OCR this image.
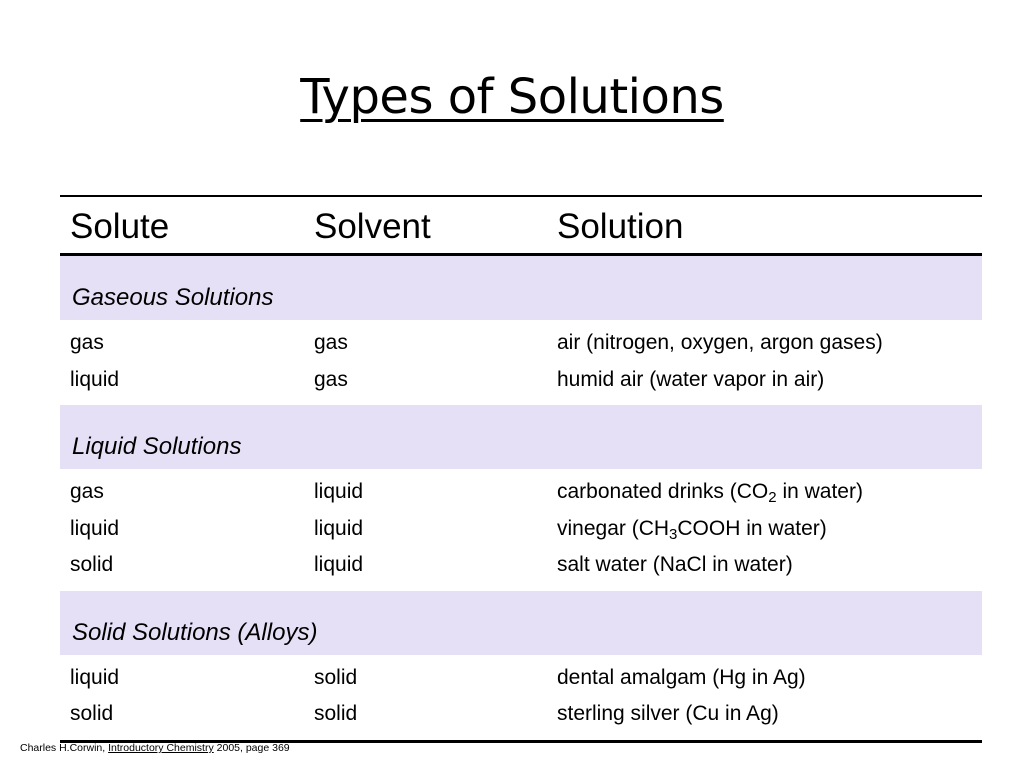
Types of Solutions
Solute	Solvent	Solution
Gaseous Solutions
gas	gas	air (nitrogen, oxygen, argon gases)
liquid	gas	humid air (water vapor in air)
Liquid Solutions
gas	liquid	carbonated drinks ($CO_2$ in water)
liquid	liquid	vinegar ($CH_3COOH$ in water)
solid	liquid	salt water (NaCl in water)
Solid Solutions (Alloys)
liquid	solid	dental amalgam (Hg in Ag)
solid	solid	sterling silver (Cu in Ag)
Charles H.Corwin, Introductory Chemistry 2005, page 369
